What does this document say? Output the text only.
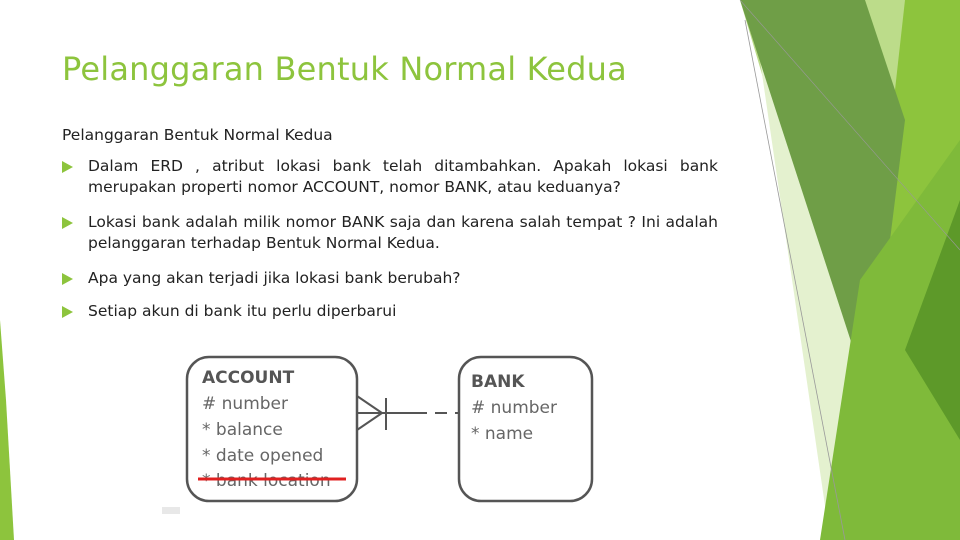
Pelanggaran Bentuk Normal Kedua
Pelanggaran Bentuk Normal Kedua
Dalam ERD , atribut lokasi bank telah ditambahkan. Apakah lokasi bank merupakan properti nomor ACCOUNT, nomor BANK, atau keduanya?
Lokasi bank adalah milik nomor BANK saja dan karena salah tempat ? Ini adalah pelanggaran terhadap Bentuk Normal Kedua.
Apa yang akan terjadi jika lokasi bank berubah?
Setiap akun di bank itu perlu diperbarui
ACCOUNT
# number
* balance
* date opened
* bank location
BANK
# number
* name
